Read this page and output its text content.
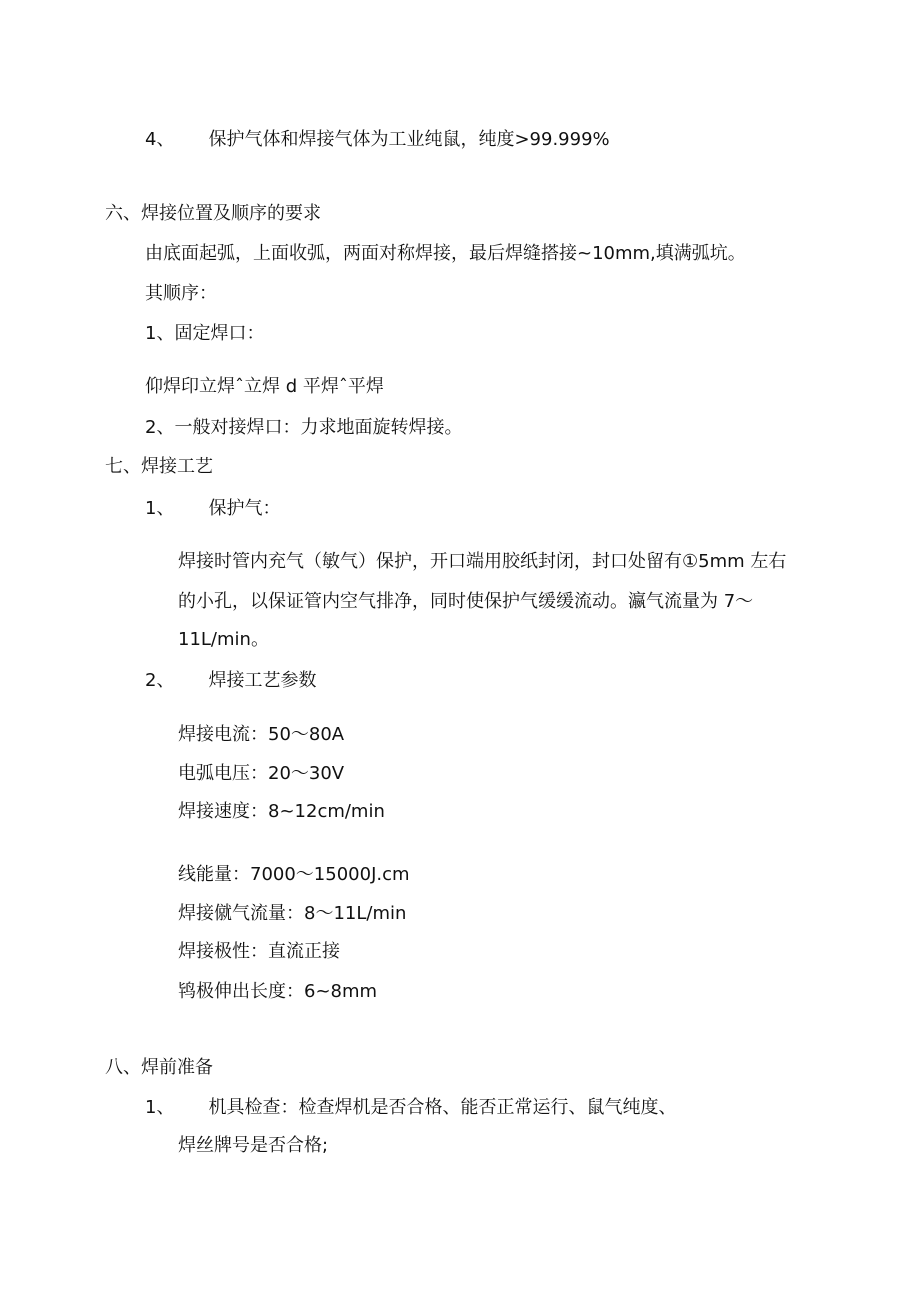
4、 保护气体和焊接气体为工业纯鼠，纯度>99.999%
六、焊接位置及顺序的要求
由底面起弧，上面收弧，两面对称焊接，最后焊缝搭接~10mm,填满弧坑。
其顺序：
1、固定焊口：
仰焊印立焊ˆ立焊 d 平焊ˆ平焊
2、一般对接焊口：力求地面旋转焊接。
七、焊接工艺
1、 保护气：
焊接时管内充气（敏气）保护，开口端用胶纸封闭，封口处留有①5mm 左右
的小孔，以保证管内空气排净，同时使保护气缓缓流动。瀛气流量为 7～
11L/min。
2、 焊接工艺参数
焊接电流：50～80A
电弧电压：20～30V
焊接速度：8~12cm/min
线能量：7000～15000J.cm
焊接僦气流量：8～11L/min
焊接极性：直流正接
鸨极伸出长度：6~8mm
八、焊前准备
1、 机具检查：检查焊机是否合格、能否正常运行、鼠气纯度、
焊丝牌号是否合格;
